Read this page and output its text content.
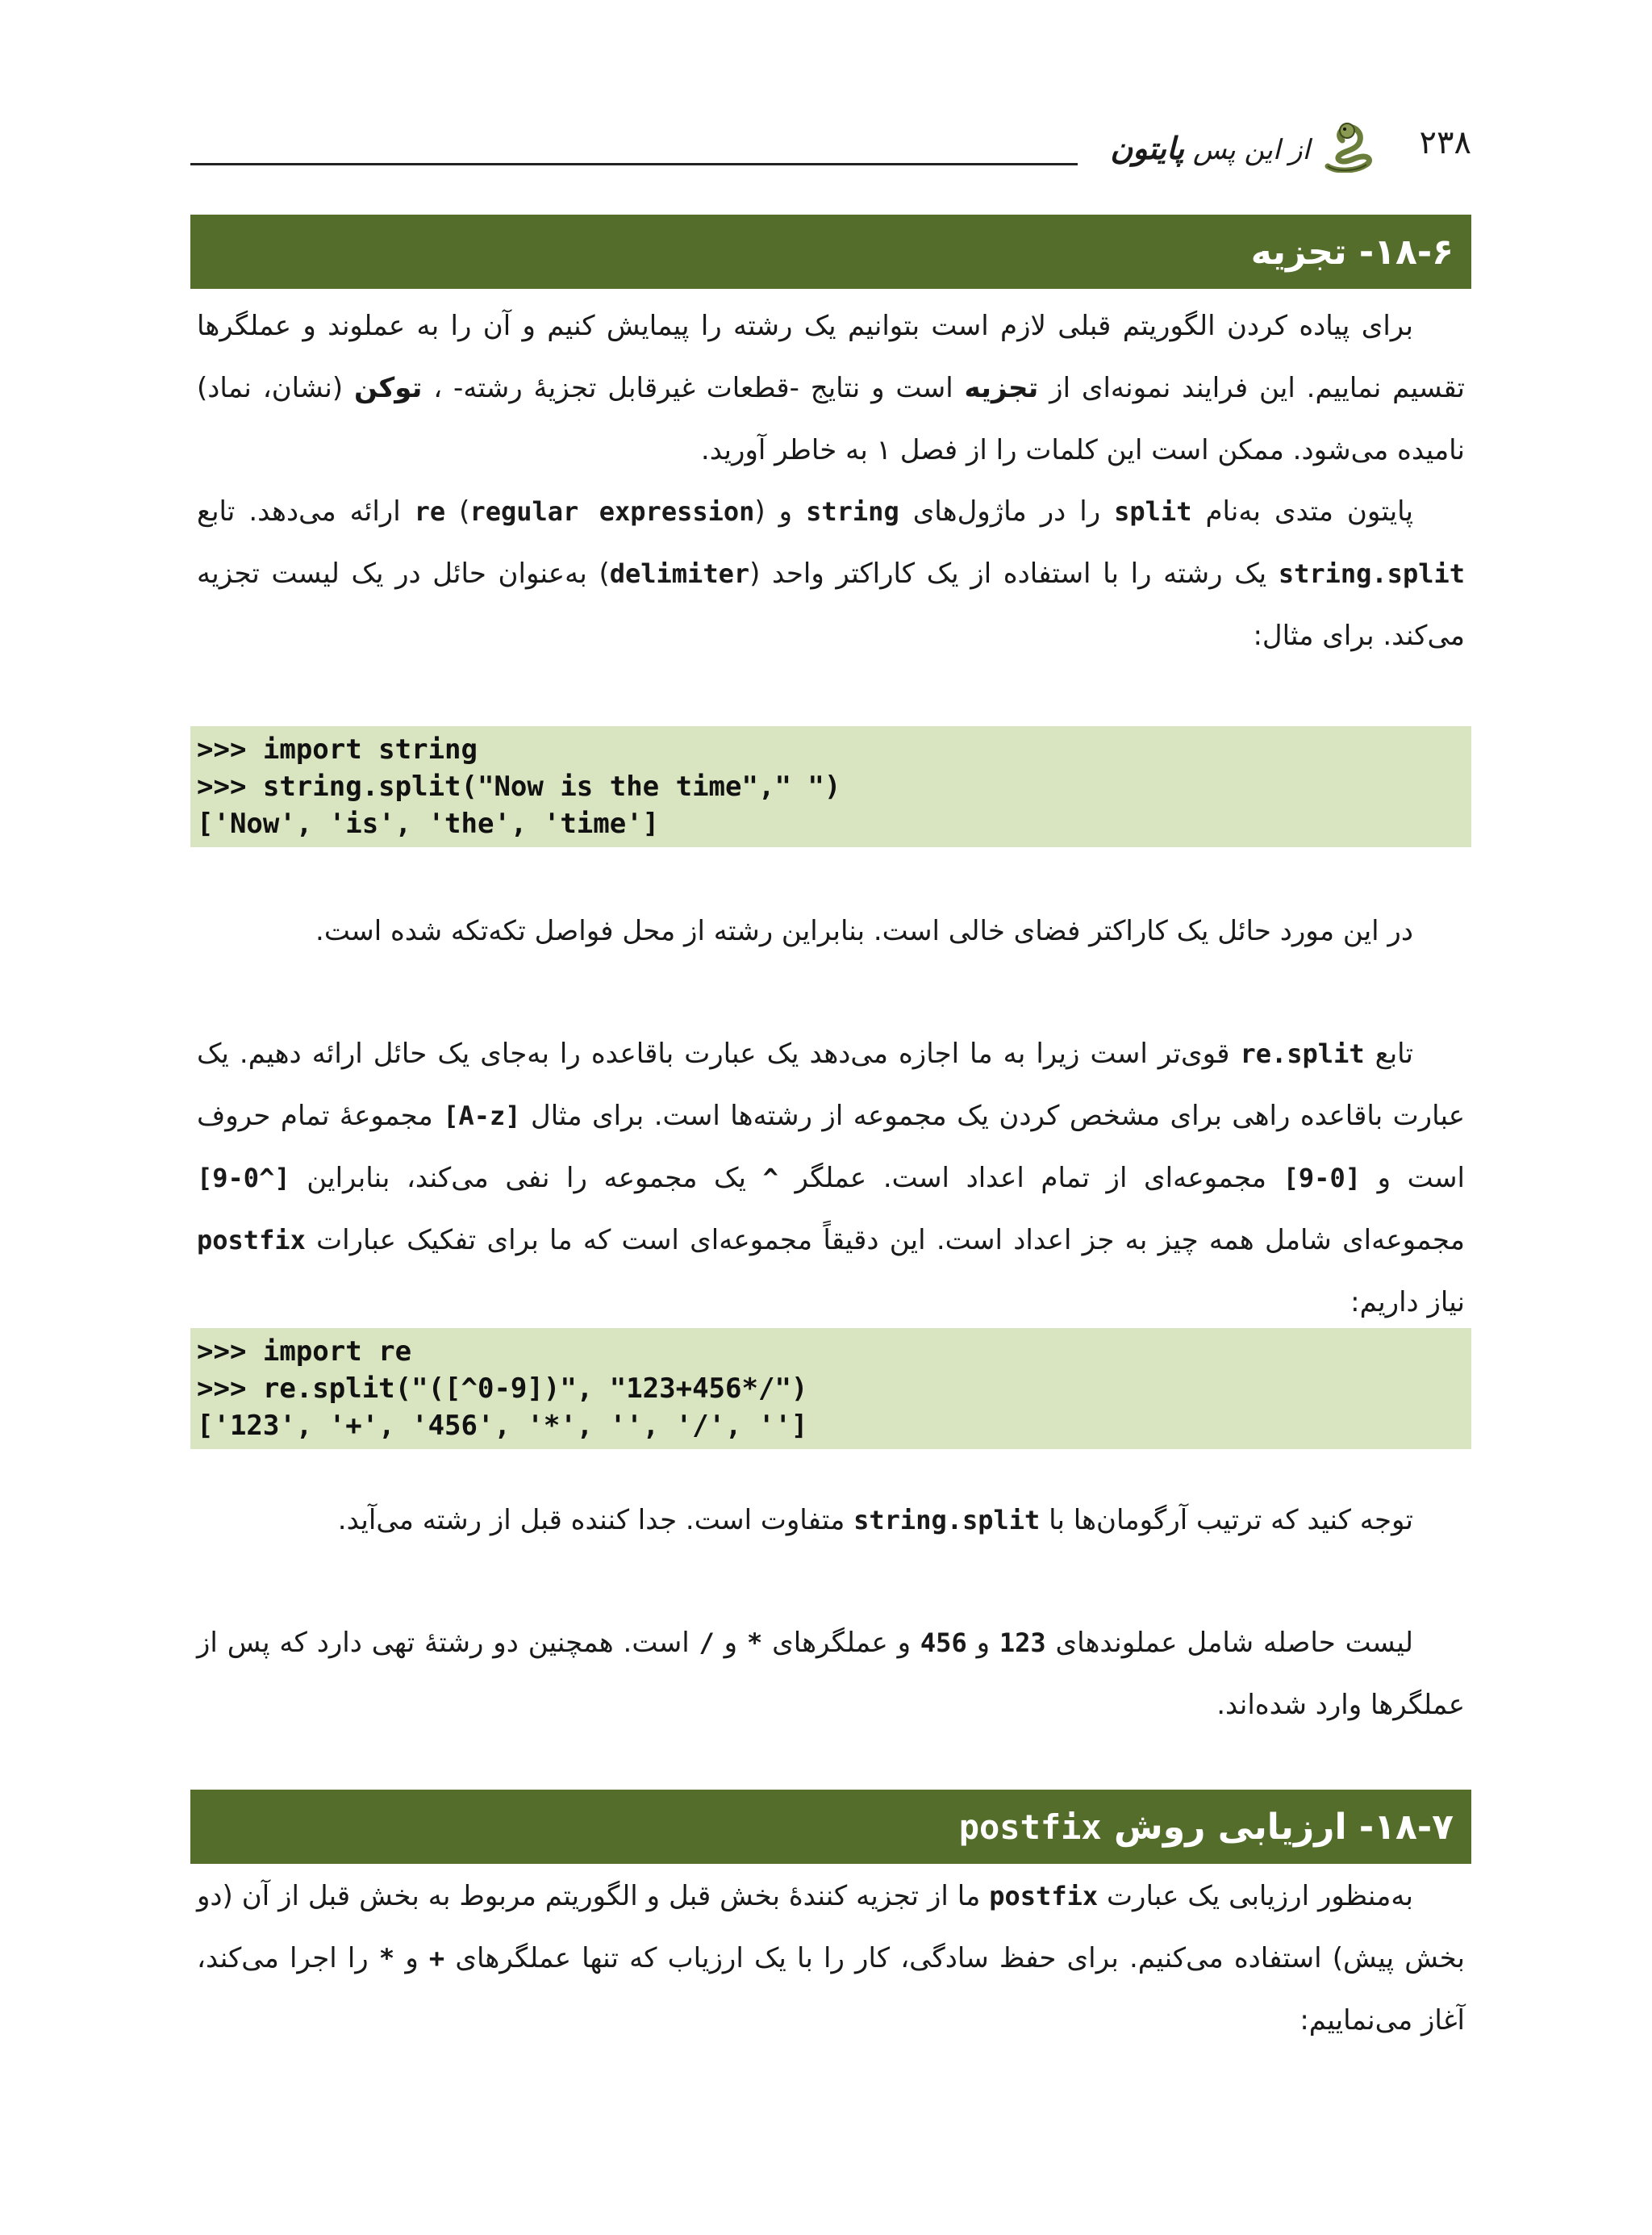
۲۳۸
از این پس پایتون
۱۸-۶- تجزیه

برای پیاده کردن الگوریتم قبلی لازم است بتوانیم یک رشته را پیمایش کنیم و آن را به عملوند و عملگرها تقسیم نماییم. این فرایند نمونه‌ای از تجزیه است و نتایج -قطعات غیرقابل تجزیهٔ رشته- ، توکن (نشان، نماد) نامیده می‌شود. ممکن است این کلمات را از فصل ۱ به خاطر آورید.

پایتون متدی به‌نام split را در ماژول‌های string و re (regular expression) ارائه می‌دهد. تابع string.split یک رشته را با استفاده از یک کاراکتر واحد (delimiter) به‌عنوان حائل در یک لیست تجزیه می‌کند. برای مثال:

>>> import string
>>> string.split("Now is the time"," ")
['Now', 'is', 'the', 'time']

در این مورد حائل یک کاراکتر فضای خالی است. بنابراین رشته از محل فواصل تکه‌تکه شده است.

تابع re.split قوی‌تر است زیرا به ما اجازه می‌دهد یک عبارت باقاعده را به‌جای یک حائل ارائه دهیم. یک عبارت باقاعده راهی برای مشخص کردن یک مجموعه از رشته‌ها است. برای مثال [A-z] مجموعهٔ تمام حروف است و [0-9] مجموعه‌ای از تمام اعداد است. عملگر ^ یک مجموعه را نفی می‌کند، بنابراین [^0-9] مجموعه‌ای شامل همه چیز به جز اعداد است. این دقیقاً مجموعه‌ای است که ما برای تفکیک عبارات postfix نیاز داریم:

>>> import re
>>> re.split("([^0-9])", "123+456*/")
['123', '+', '456', '*', '', '/', '']

توجه کنید که ترتیب آرگومان‌ها با string.split متفاوت است. جدا کننده قبل از رشته می‌آید.

لیست حاصله شامل عملوندهای 123 و 456 و عملگرهای * و / است. همچنین دو رشتهٔ تهی دارد که پس از عملگرها وارد شده‌اند.

۱۸-۷- ارزیابی روش postfix

به‌منظور ارزیابی یک عبارت postfix ما از تجزیه کنندهٔ بخش قبل و الگوریتم مربوط به بخش قبل از آن (دو بخش پیش) استفاده می‌کنیم. برای حفظ سادگی، کار را با یک ارزیاب که تنها عملگرهای + و * را اجرا می‌کند، آغاز می‌نماییم:
